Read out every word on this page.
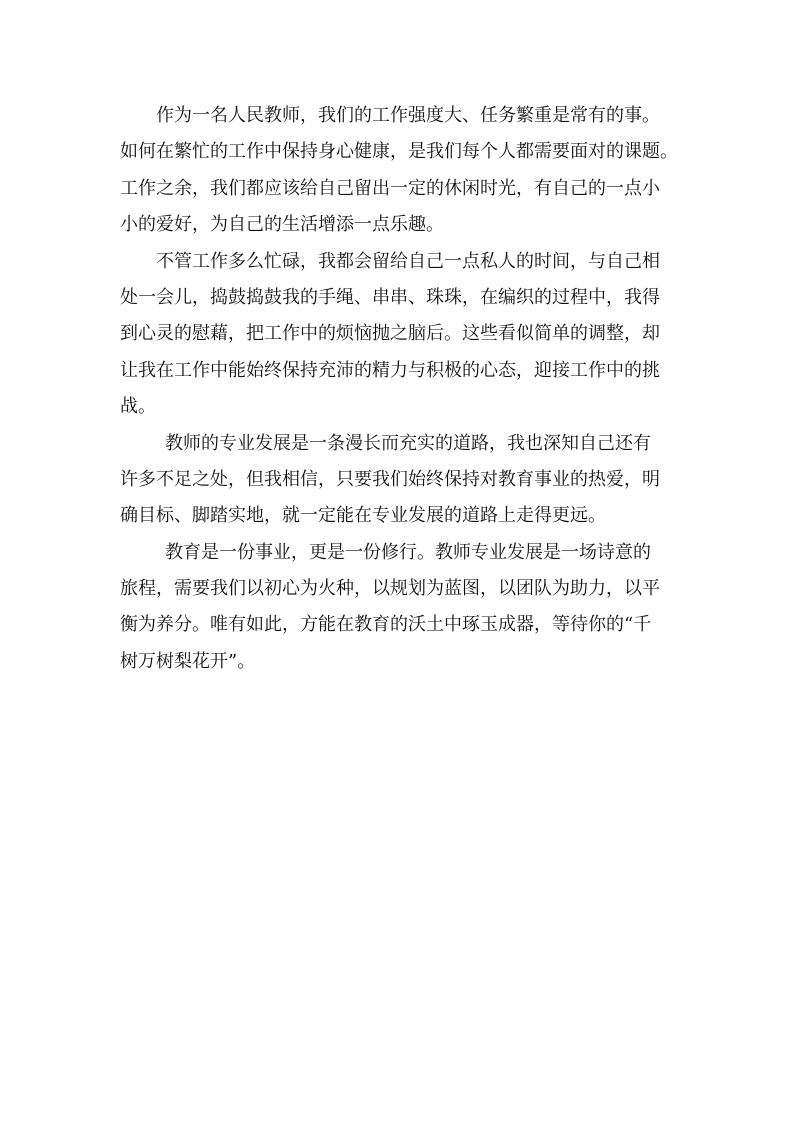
作为一名人民教师，我们的工作强度大、任务繁重是常有的事。
如何在繁忙的工作中保持身心健康，是我们每个人都需要面对的课题。
工作之余，我们都应该给自己留出一定的休闲时光，有自己的一点小
小的爱好，为自己的生活增添一点乐趣。
不管工作多么忙碌，我都会留给自己一点私人的时间，与自己相
处一会儿，捣鼓捣鼓我的手绳、串串、珠珠，在编织的过程中，我得
到心灵的慰藉，把工作中的烦恼抛之脑后。这些看似简单的调整，却
让我在工作中能始终保持充沛的精力与积极的心态，迎接工作中的挑
战。
教师的专业发展是一条漫长而充实的道路，我也深知自己还有
许多不足之处，但我相信，只要我们始终保持对教育事业的热爱，明
确目标、脚踏实地，就一定能在专业发展的道路上走得更远。
教育是一份事业，更是一份修行。教师专业发展是一场诗意的
旅程，需要我们以初心为火种，以规划为蓝图，以团队为助力，以平
衡为养分。唯有如此，方能在教育的沃土中琢玉成器，等待你的“千
树万树梨花开”。
